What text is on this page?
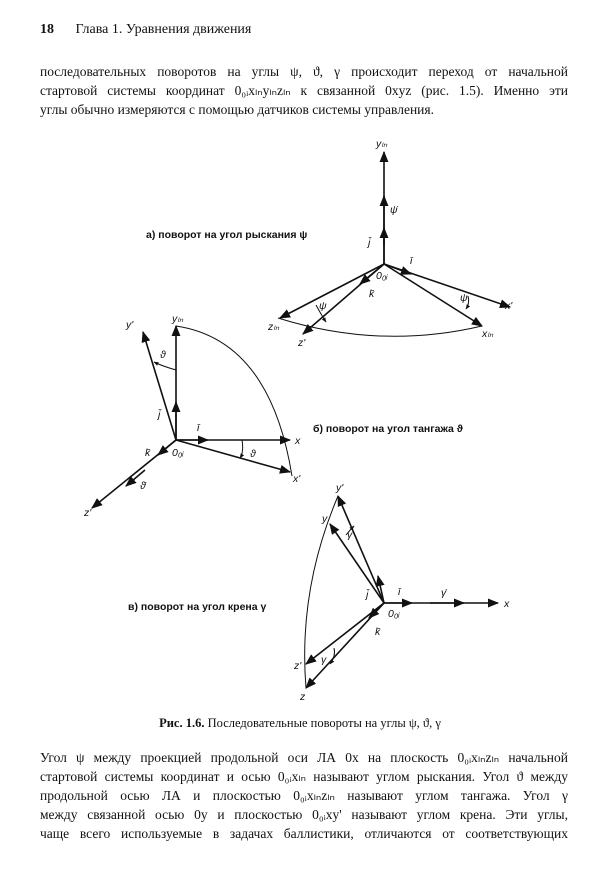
18 Глава 1. Уравнения движения
последовательных поворотов на углы ψ, ϑ, γ происходит переход от начальной
стартовой системы координат 0₀ᵢxₗₙyₗₙzₗₙ к связанной 0xyz (рис. 1.5). Именно эти
углы обычно измеряются с помощью датчиков системы управления.
yₗₙ
ψ̇
j̄
ī
0₀ᵢ
k̄
ψ
ψ
x'
zₗₙ
z'
xₗₙ
а) поворот на угол рыскания ψ
y'	yₗₙ
ϑ
j̄
ī
k̄ 0₀ᵢ
x
ϑ
ϑ̇
x'
z'
б) поворот на угол тангажа ϑ
y'
y
γ
j̄	ī	γ̇
x
0₀ᵢ
k̄
z' γ
z
в) поворот на угол крена γ
Рис. 1.6. Последовательные повороты на углы ψ, ϑ, γ
Угол ψ между проекцией продольной оси ЛА 0x на плоскость 0₀ᵢxₗₙzₗₙ начальной
стартовой системы координат и осью 0₀ᵢxₗₙ называют углом рыскания. Угол ϑ между
продольной осью ЛА и плоскостью 0₀ᵢxₗₙzₗₙ называют углом тангажа. Угол γ
между связанной осью 0y и плоскостью 0₀ᵢxy' называют углом крена. Эти углы,
чаще всего используемые в задачах баллистики, отличаются от соответствующих
